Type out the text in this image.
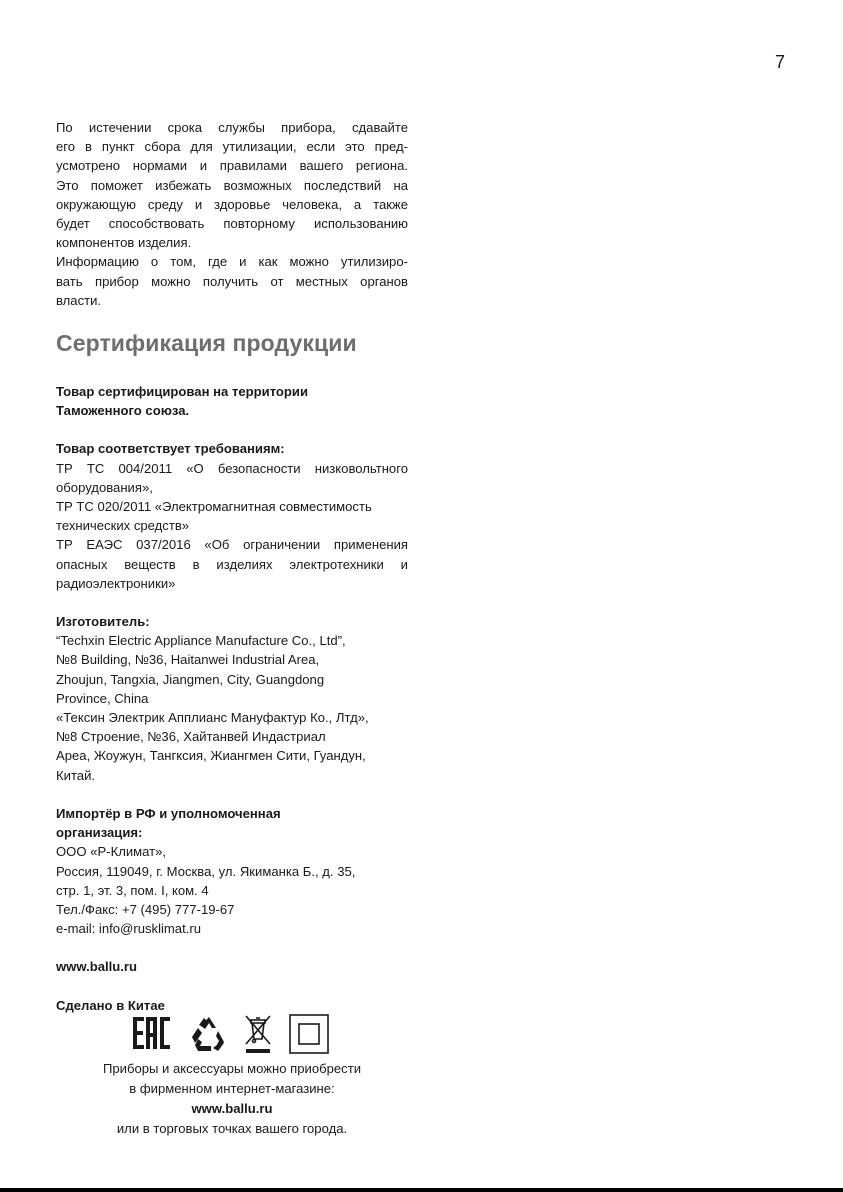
7
По истечении срока службы прибора, сдавайте
его в пункт сбора для утилизации, если это пред-
усмотрено нормами и правилами вашего региона.
Это поможет избежать возможных последствий на
окружающую среду и здоровье человека, а также
будет способствовать повторному использованию
компонентов изделия.
Информацию о том, где и как можно утилизиро-
вать прибор можно получить от местных органов
власти.
Сертификация продукции
Товар сертифицирован на территории
Таможенного союза.
Товар соответствует требованиям:
ТР ТС 004/2011 «О безопасности низковольтного
оборудования»,
ТР ТС 020/2011 «Электромагнитная совместимость
технических средств»
ТР ЕАЭС 037/2016 «Об ограничении применения
опасных веществ в изделиях электротехники и
радиоэлектроники»
Изготовитель:
“Techxin Electric Appliance Manufacture Co., Ltd”,
№8 Building, №36, Haitanwei Industrial Area,
Zhoujun, Tangxia, Jiangmen, City, Guangdong
Province, China
«Тексин Электрик Апплианс Мануфактур Ко., Лтд»,
№8 Строение, №36, Хайтанвей Индастриал
Ареа, Жоужун, Тангксия, Жиангмен Сити, Гуандун,
Китай.
Импортёр в РФ и уполномоченная
организация:
ООО «Р-Климат»,
Россия, 119049, г. Москва, ул. Якиманка Б., д. 35,
стр. 1, эт. 3, пом. I, ком. 4
Тел./Факс: +7 (495) 777-19-67
e-mail: info@rusklimat.ru
www.ballu.ru
Сделано в Китае
Приборы и аксессуары можно приобрести
в фирменном интернет-магазине:
www.ballu.ru
или в торговых точках вашего города.
